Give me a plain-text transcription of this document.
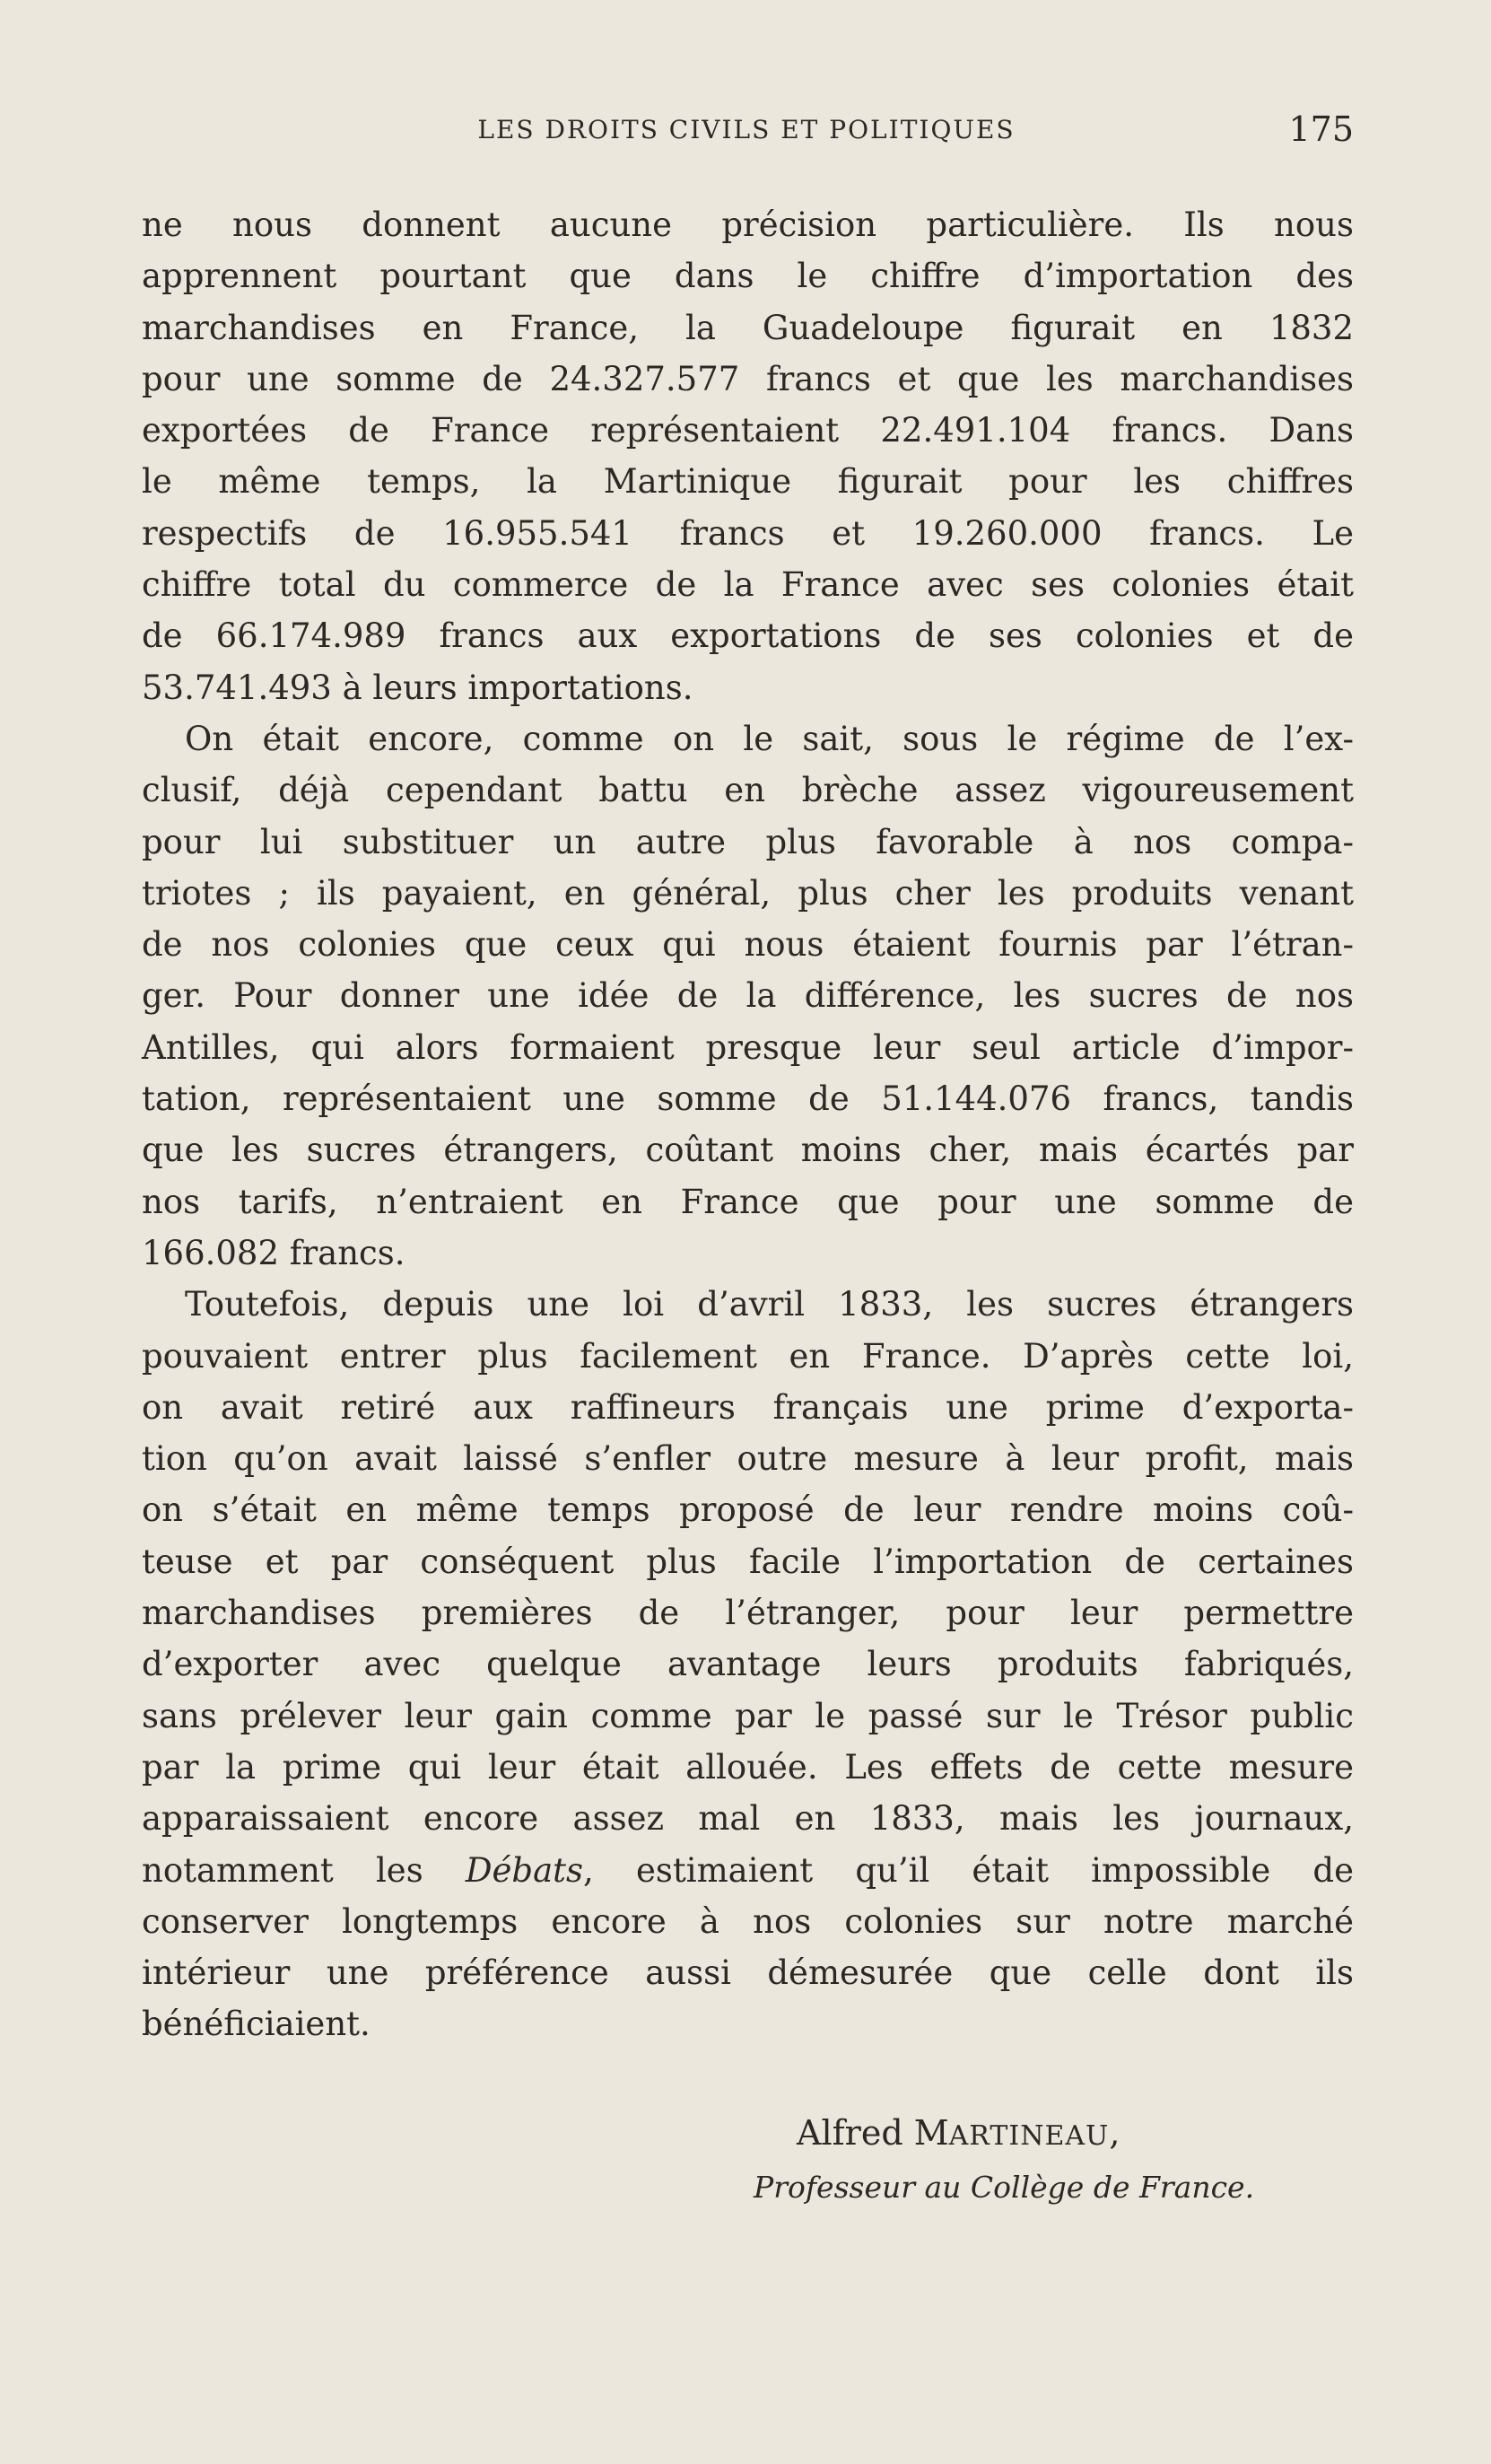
LES DROITS CIVILS ET POLITIQUES	175
ne nous donnent aucune précision particulière. Ils nous
apprennent pourtant que dans le chiffre d’importation des
marchandises en France, la Guadeloupe figurait en 1832
pour une somme de 24.327.577 francs et que les marchandises
exportées de France représentaient 22.491.104 francs. Dans
le même temps, la Martinique figurait pour les chiffres
respectifs de 16.955.541 francs et 19.260.000 francs. Le
chiffre total du commerce de la France avec ses colonies était
de 66.174.989 francs aux exportations de ses colonies et de
53.741.493 à leurs importations.
On était encore, comme on le sait, sous le régime de l’ex-
clusif, déjà cependant battu en brèche assez vigoureusement
pour lui substituer un autre plus favorable à nos compa-
triotes ; ils payaient, en général, plus cher les produits venant
de nos colonies que ceux qui nous étaient fournis par l’étran-
ger. Pour donner une idée de la différence, les sucres de nos
Antilles, qui alors formaient presque leur seul article d’impor-
tation, représentaient une somme de 51.144.076 francs, tandis
que les sucres étrangers, coûtant moins cher, mais écartés par
nos tarifs, n’entraient en France que pour une somme de
166.082 francs.
Toutefois, depuis une loi d’avril 1833, les sucres étrangers
pouvaient entrer plus facilement en France. D’après cette loi,
on avait retiré aux raffineurs français une prime d’exporta-
tion qu’on avait laissé s’enfler outre mesure à leur profit, mais
on s’était en même temps proposé de leur rendre moins coû-
teuse et par conséquent plus facile l’importation de certaines
marchandises premières de l’étranger, pour leur permettre
d’exporter avec quelque avantage leurs produits fabriqués,
sans prélever leur gain comme par le passé sur le Trésor public
par la prime qui leur était allouée. Les effets de cette mesure
apparaissaient encore assez mal en 1833, mais les journaux,
notamment les Débats, estimaient qu’il était impossible de
conserver longtemps encore à nos colonies sur notre marché
intérieur une préférence aussi démesurée que celle dont ils
bénéficiaient.
Alfred MARTINEAU,
Professeur au Collège de France.
